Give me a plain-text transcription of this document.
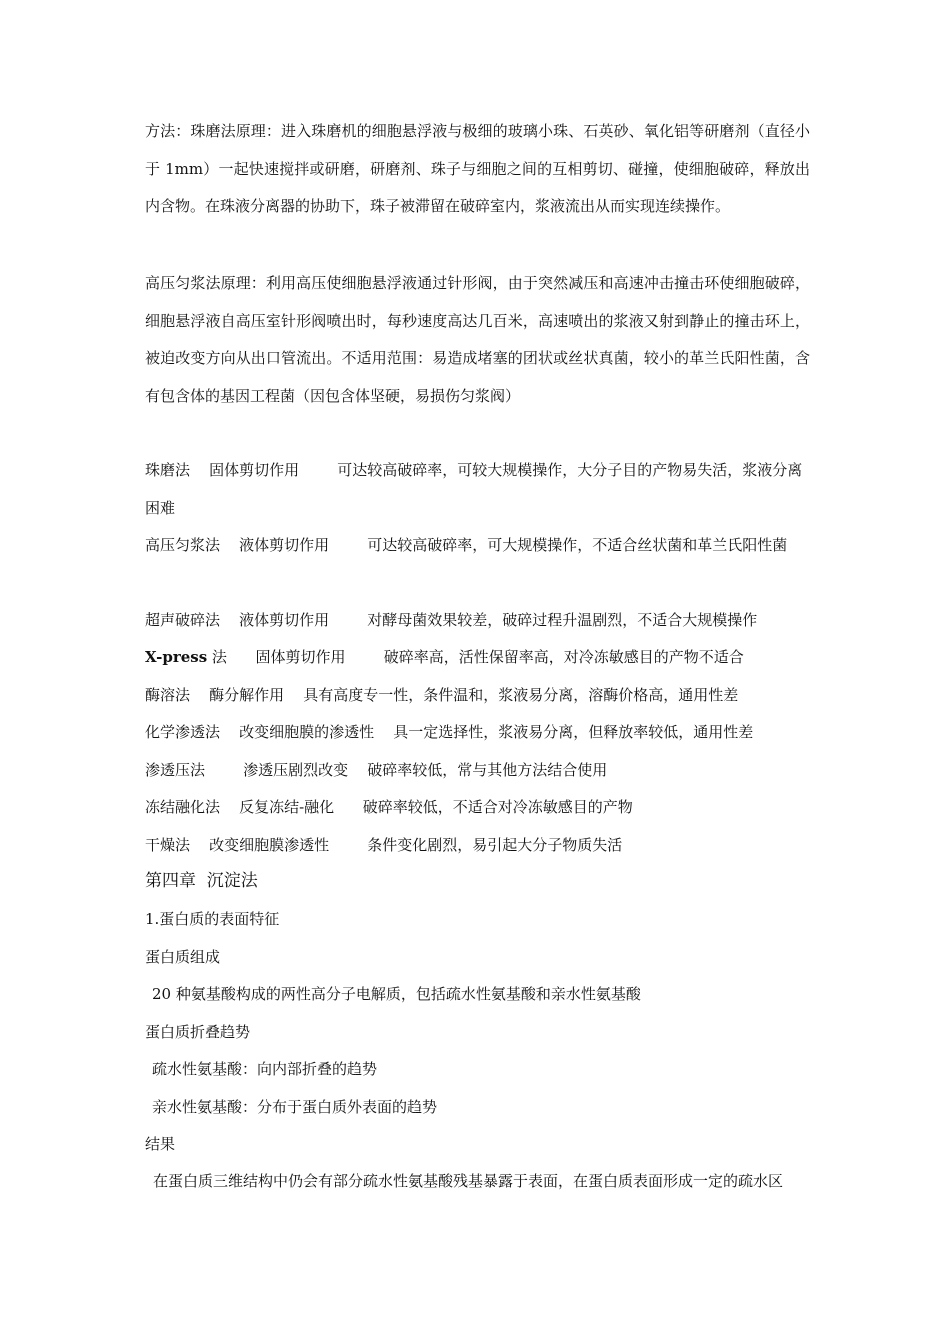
方法：珠磨法原理：进入珠磨机的细胞悬浮液与极细的玻璃小珠、石英砂、氧化铝等研磨剂（直径小于 1mm）一起快速搅拌或研磨，研磨剂、珠子与细胞之间的互相剪切、碰撞，使细胞破碎，释放出内含物。在珠液分离器的协助下，珠子被滞留在破碎室内，浆液流出从而实现连续操作。

高压匀浆法原理：利用高压使细胞悬浮液通过针形阀，由于突然减压和高速冲击撞击环使细胞破碎，细胞悬浮液自高压室针形阀喷出时，每秒速度高达几百米，高速喷出的浆液又射到静止的撞击环上，被迫改变方向从出口管流出。不适用范围：易造成堵塞的团状或丝状真菌，较小的革兰氏阳性菌，含有包含体的基因工程菌（因包含体坚硬，易损伤匀浆阀）

珠磨法 固体剪切作用	可达较高破碎率，可较大规模操作，大分子目的产物易失活，浆液分离困难

高压匀浆法 液体剪切作用	可达较高破碎率，可大规模操作，不适合丝状菌和革兰氏阳性菌

超声破碎法 液体剪切作用	对酵母菌效果较差，破碎过程升温剧烈，不适合大规模操作

X-press 法 固体剪切作用	破碎率高，活性保留率高，对冷冻敏感目的产物不适合

酶溶法 酶分解作用 具有高度专一性，条件温和，浆液易分离，溶酶价格高，通用性差

化学渗透法 改变细胞膜的渗透性 具一定选择性，浆液易分离，但释放率较低，通用性差

渗透压法	渗透压剧烈改变 破碎率较低，常与其他方法结合使用

冻结融化法 反复冻结-融化 破碎率较低，不适合对冷冻敏感目的产物

干燥法 改变细胞膜渗透性	条件变化剧烈，易引起大分子物质失活

第四章  沉淀法

1.蛋白质的表面特征

蛋白质组成

20 种氨基酸构成的两性高分子电解质，包括疏水性氨基酸和亲水性氨基酸

蛋白质折叠趋势

疏水性氨基酸：向内部折叠的趋势

亲水性氨基酸：分布于蛋白质外表面的趋势

结果

在蛋白质三维结构中仍会有部分疏水性氨基酸残基暴露于表面，在蛋白质表面形成一定的疏水区
